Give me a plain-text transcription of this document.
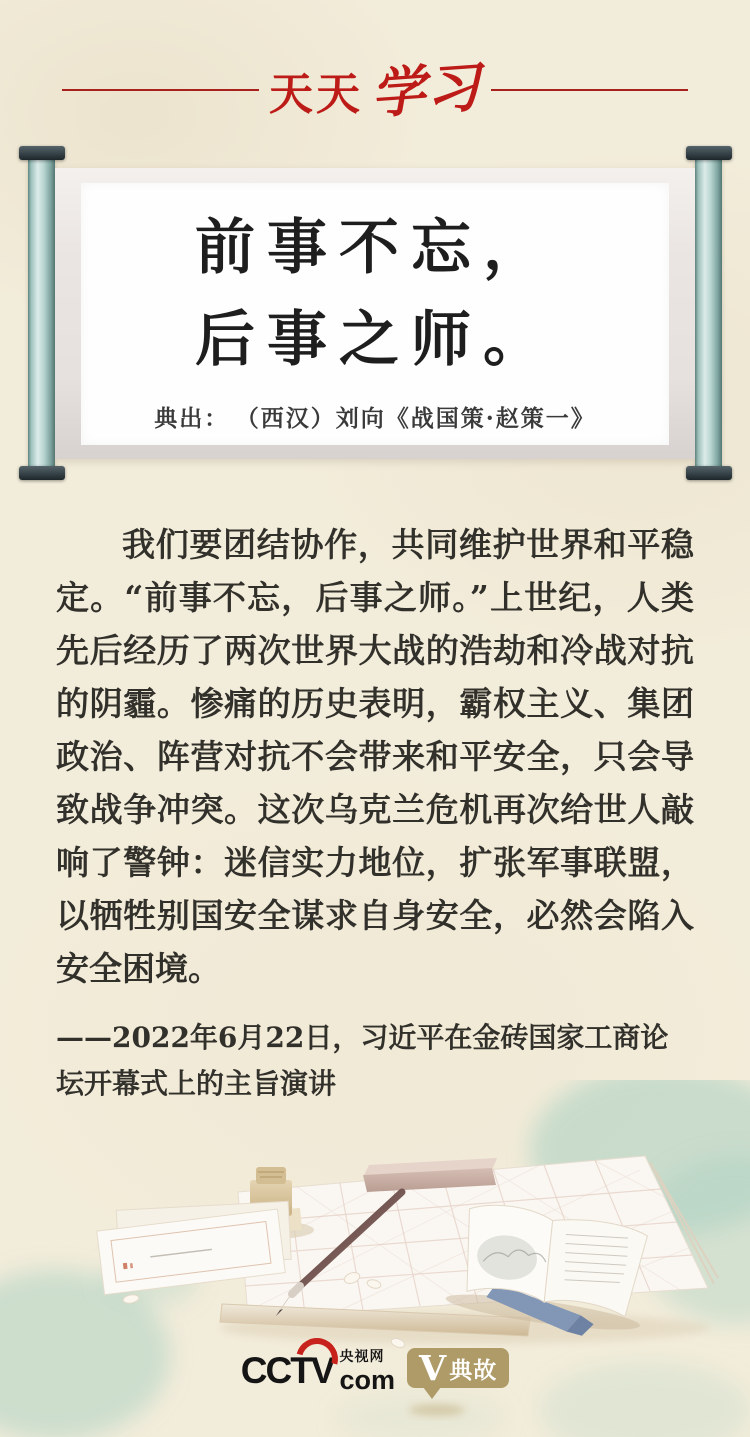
天天 学习
前事不忘，
后事之师。
典出： （西汉）刘向《战国策·赵策一》

我们要团结协作，共同维护世界和平稳定。“前事不忘，后事之师。”上世纪，人类先后经历了两次世界大战的浩劫和冷战对抗的阴霾。惨痛的历史表明，霸权主义、集团政治、阵营对抗不会带来和平安全，只会导致战争冲突。这次乌克兰危机再次给世人敲响了警钟：迷信实力地位，扩张军事联盟，以牺牲别国安全谋求自身安全，必然会陷入安全困境。

——2022年6月22日，习近平在金砖国家工商论坛开幕式上的主旨演讲

CCTV 央视网
com V 典故
